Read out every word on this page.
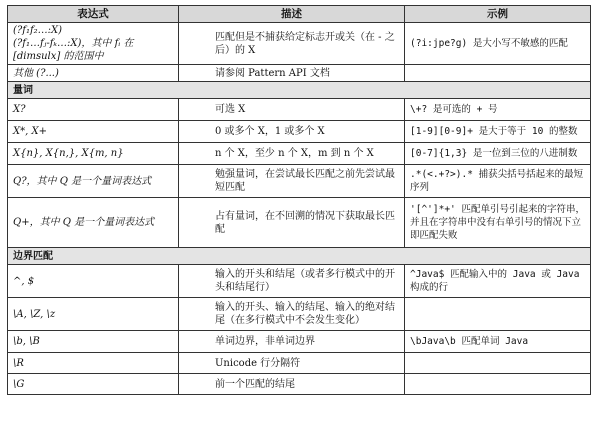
表达式	描述	示例
(?f₁f₂…:X)
(?f₁…fⱼ-fₖ…:X)，其中 fᵢ 在 [dimsulx] 的范围中	匹配但是不捕获给定标志开或关（在 - 之后）的 X	(?i:jpe?g) 是大小写不敏感的匹配
其他 (?...)	请参阅 Pattern API 文档	
量词		
X?	可选 X	\+? 是可选的 + 号
X*, X+	0 或多个 X，1 或多个 X	[1-9][0-9]+ 是大于等于 10 的整数
X{n}, X{n,}, X{m, n}	n 个 X，至少 n 个 X，m 到 n 个 X	[0-7]{1,3} 是一位到三位的八进制数
Q?，其中 Q 是一个量词表达式	勉强量词，在尝试最长匹配之前先尝试最短匹配	.*(<.+?>).* 捕获尖括号括起来的最短序列
Q+，其中 Q 是一个量词表达式	占有量词，在不回溯的情况下获取最长匹配	'[^']*+' 匹配单引号引起来的字符串，并且在字符串中没有右单引号的情况下立即匹配失败
边界匹配		
^, $	输入的开头和结尾（或者多行模式中的开头和结尾行）	^Java$ 匹配输入中的 Java 或 Java 构成的行
\A, \Z, \z	输入的开头、输入的结尾、输入的绝对结尾（在多行模式中不会发生变化）	
\b, \B	单词边界，非单词边界	\bJava\b 匹配单词 Java
\R	Unicode 行分隔符	
\G	前一个匹配的结尾	
